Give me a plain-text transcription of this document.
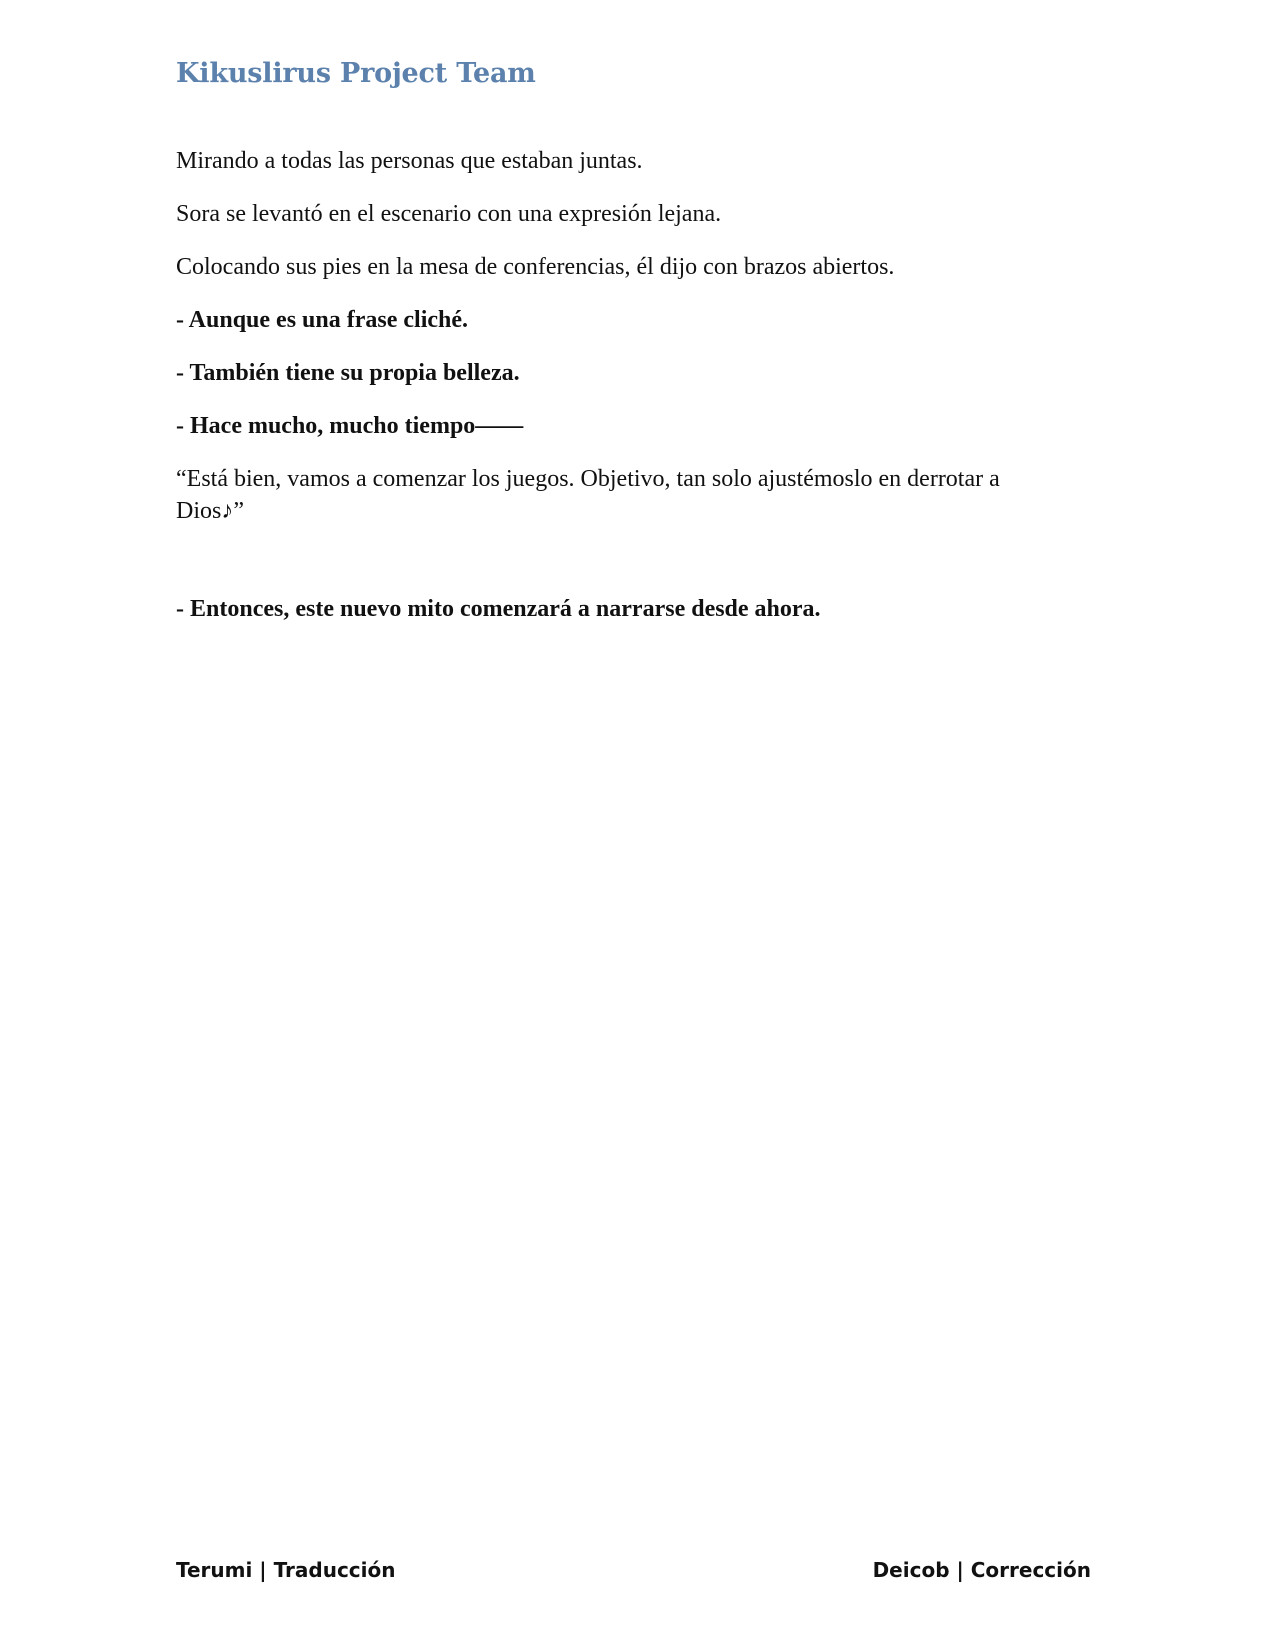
Kikuslirus Project Team

Mirando a todas las personas que estaban juntas.

Sora se levantó en el escenario con una expresión lejana.

Colocando sus pies en la mesa de conferencias, él dijo con brazos abiertos.

- Aunque es una frase cliché.

- También tiene su propia belleza.

- Hace mucho, mucho tiempo——

“Está bien, vamos a comenzar los juegos. Objetivo, tan solo ajustémoslo en derrotar a Dios♪”

- Entonces, este nuevo mito comenzará a narrarse desde ahora.

Terumi | Traducción	Deicob | Corrección
